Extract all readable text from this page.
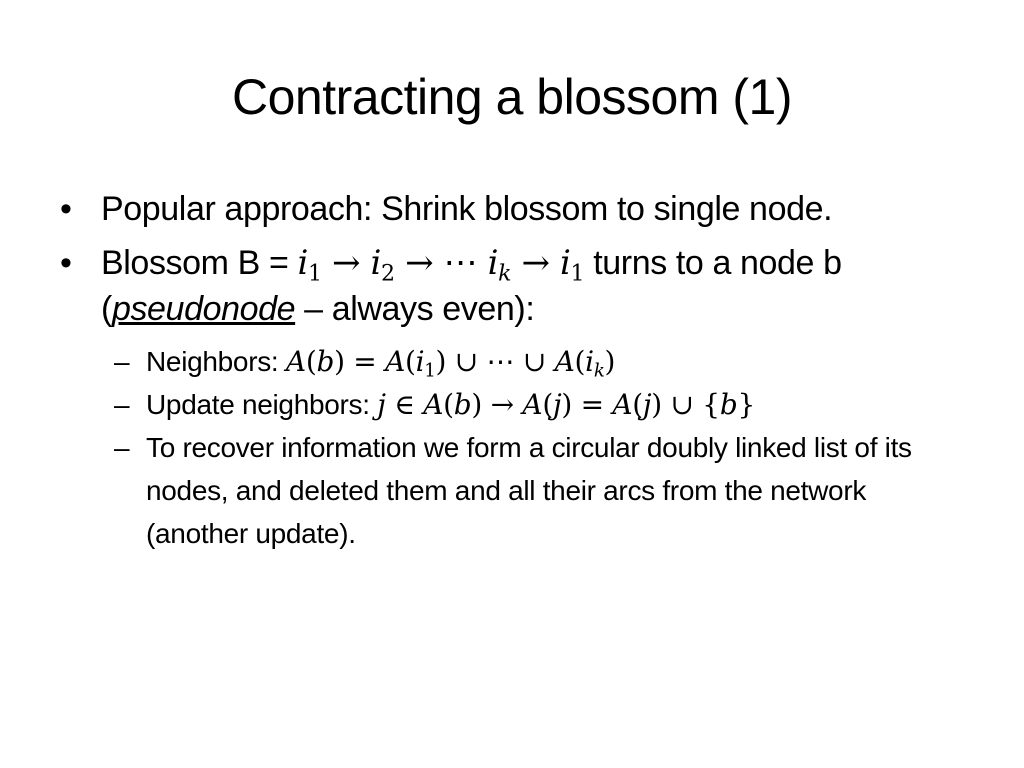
Contracting a blossom (1)
• Popular approach: Shrink blossom to single node.
• Blossom $B = i_1 \to i_2$ → ⋯ $i_k \to i_1$ turns to a node b (pseudonode – always even):
– Neighbors: $A(b) = A(i_1)$ ∪ ⋯ ∪ $A(i_k)$
– Update neighbors: j ∈ A(b) → A(j) = A(j) ∪ {b}
– To recover information we form a circular doubly linked list of its nodes, and deleted them and all their arcs from the network (another update).
